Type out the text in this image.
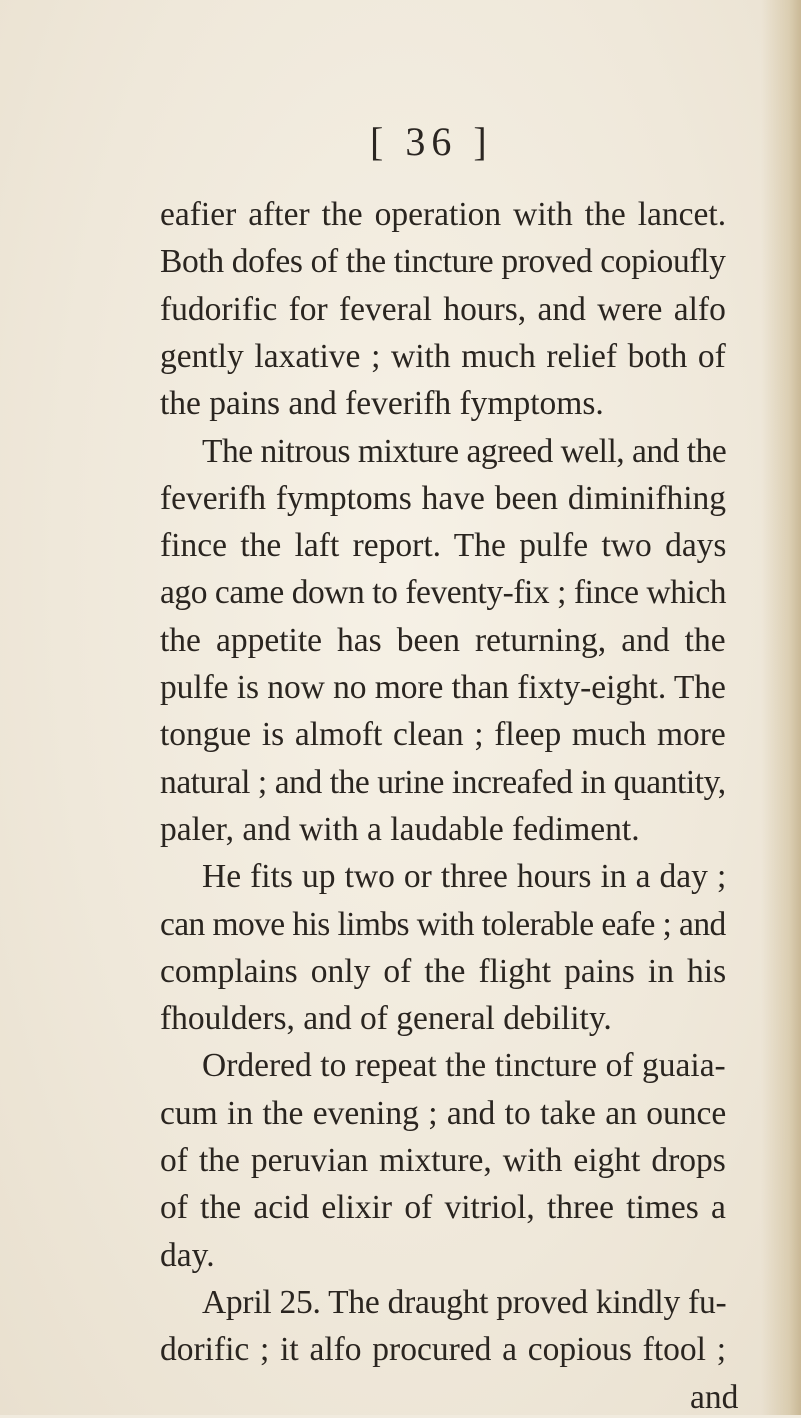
[ 36 ]
eafier after the operation with the lancet.
Both dofes of the tincture proved copioufly
fudorific for feveral hours, and were alfo
gently laxative ; with much relief both of
the pains and feverifh fymptoms.
The nitrous mixture agreed well, and the
feverifh fymptoms have been diminifhing
fince the laft report. The pulfe two days
ago came down to feventy-fix ; fince which
the appetite has been returning, and the
pulfe is now no more than fixty-eight. The
tongue is almoft clean ; fleep much more
natural ; and the urine increafed in quantity,
paler, and with a laudable fediment.
He fits up two or three hours in a day ;
can move his limbs with tolerable eafe ; and
complains only of the flight pains in his
fhoulders, and of general debility.
Ordered to repeat the tincture of guaia-
cum in the evening ; and to take an ounce
of the peruvian mixture, with eight drops
of the acid elixir of vitriol, three times a
day.
April 25. The draught proved kindly fu-
dorific ; it alfo procured a copious ftool ;
and
